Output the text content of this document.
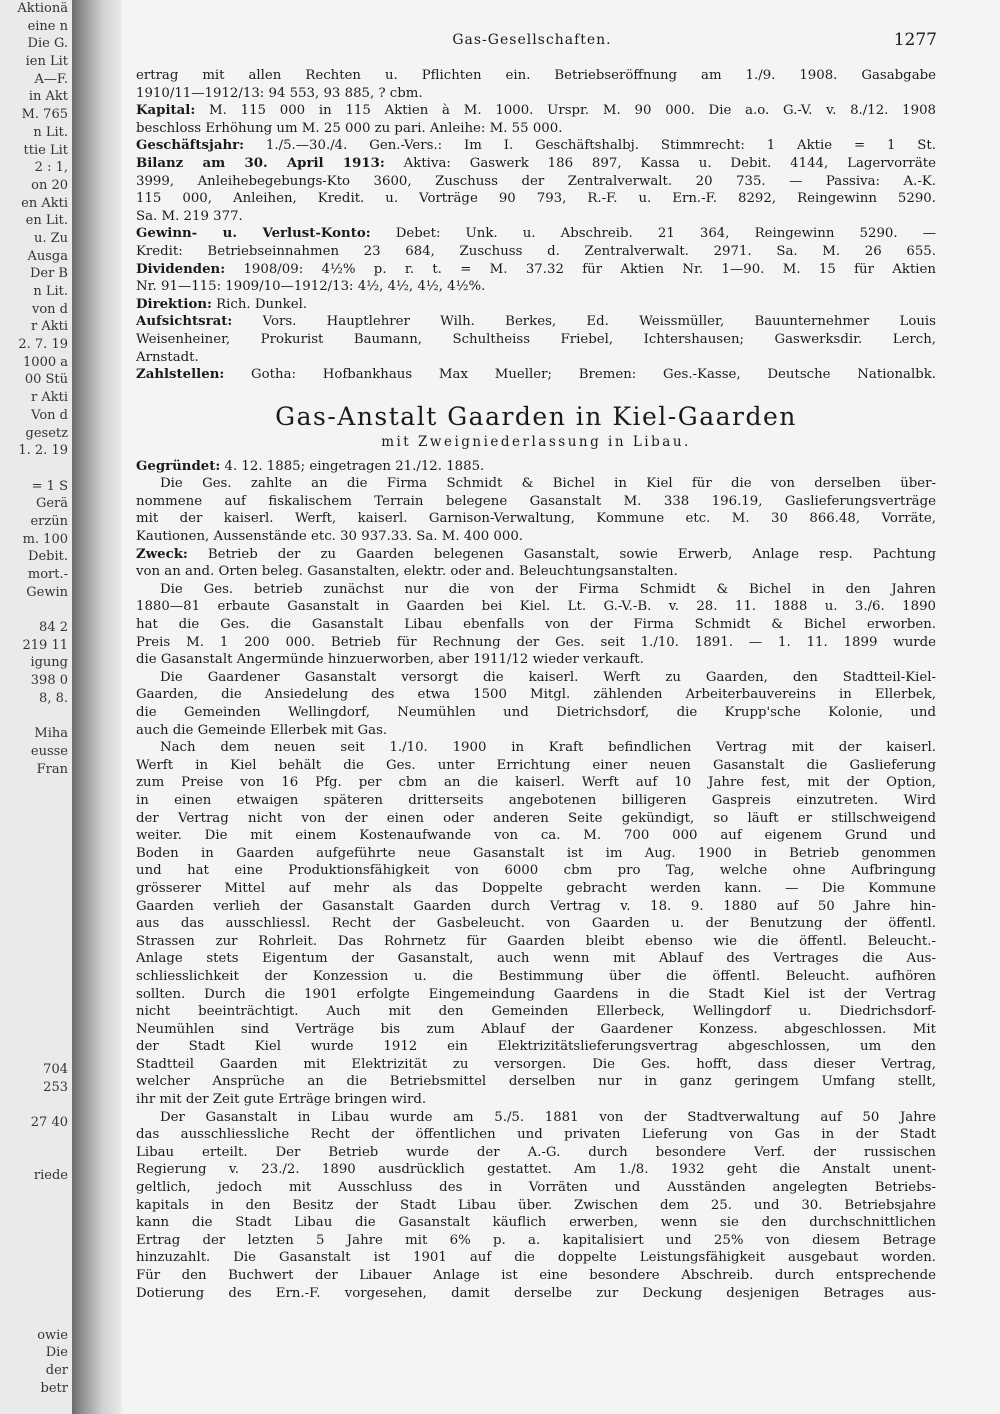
Aktionä
eine n
Die G.
ien Lit
A—F.
in Akt
M. 765
n Lit.
ttie Lit
2 : 1,
on 20
en Akti
en Lit.
u. Zu
Ausga
Der B
n Lit.
von d
r Akti
2. 7. 19
1000 a
00 Stü
r Akti
Von d
gesetz
1. 2. 19
= 1 S
Gerä
erzün
m. 100
Debit.
mort.-
Gewin
84 2
219 11
igung
398 0
8, 8.
Miha
eusse
Fran
704
253
27 40
riede
owie
Die
der
betr
Gas-Gesellschaften.	1277
ertrag mit allen Rechten u. Pflichten ein. Betriebseröffnung am 1./9. 1908. Gasabgabe
1910/11—1912/13: 94 553, 93 885, ? cbm.
Kapital: M. 115 000 in 115 Aktien à M. 1000. Urspr. M. 90 000. Die a.o. G.-V. v. 8./12. 1908
beschloss Erhöhung um M. 25 000 zu pari. Anleihe: M. 55 000.
Geschäftsjahr: 1./5.—30./4. Gen.-Vers.: Im I. Geschäftshalbj. Stimmrecht: 1 Aktie = 1 St.
Bilanz am 30. April 1913: Aktiva: Gaswerk 186 897, Kassa u. Debit. 4144, Lagervorräte
3999, Anleihebegebungs-Kto 3600, Zuschuss der Zentralverwalt. 20 735. — Passiva: A.-K.
115 000, Anleihen, Kredit. u. Vorträge 90 793, R.-F. u. Ern.-F. 8292, Reingewinn 5290.
Sa. M. 219 377.
Gewinn- u. Verlust-Konto: Debet: Unk. u. Abschreib. 21 364, Reingewinn 5290. —
Kredit: Betriebseinnahmen 23 684, Zuschuss d. Zentralverwalt. 2971. Sa. M. 26 655.
Dividenden: 1908/09: 4½% p. r. t. = M. 37.32 für Aktien Nr. 1—90. M. 15 für Aktien
Nr. 91—115: 1909/10—1912/13: 4½, 4½, 4½, 4½%.
Direktion: Rich. Dunkel.
Aufsichtsrat: Vors. Hauptlehrer Wilh. Berkes, Ed. Weissmüller, Bauunternehmer Louis
Weisenheiner, Prokurist Baumann, Schultheiss Friebel, Ichtershausen; Gaswerksdir. Lerch,
Arnstadt.
Zahlstellen: Gotha: Hofbankhaus Max Mueller; Bremen: Ges.-Kasse, Deutsche Nationalbk.
Gas-Anstalt Gaarden in Kiel-Gaarden
mit Zweigniederlassung in Libau.
Gegründet: 4. 12. 1885; eingetragen 21./12. 1885.
Die Ges. zahlte an die Firma Schmidt & Bichel in Kiel für die von derselben über-
nommene auf fiskalischem Terrain belegene Gasanstalt M. 338 196.19, Gaslieferungsverträge
mit der kaiserl. Werft, kaiserl. Garnison-Verwaltung, Kommune etc. M. 30 866.48, Vorräte,
Kautionen, Aussenstände etc. 30 937.33. Sa. M. 400 000.
Zweck: Betrieb der zu Gaarden belegenen Gasanstalt, sowie Erwerb, Anlage resp. Pachtung
von an and. Orten beleg. Gasanstalten, elektr. oder and. Beleuchtungsanstalten.
Die Ges. betrieb zunächst nur die von der Firma Schmidt & Bichel in den Jahren
1880—81 erbaute Gasanstalt in Gaarden bei Kiel. Lt. G.-V.-B. v. 28. 11. 1888 u. 3./6. 1890
hat die Ges. die Gasanstalt Libau ebenfalls von der Firma Schmidt & Bichel erworben.
Preis M. 1 200 000. Betrieb für Rechnung der Ges. seit 1./10. 1891. — 1. 11. 1899 wurde
die Gasanstalt Angermünde hinzuerworben, aber 1911/12 wieder verkauft.
Die Gaardener Gasanstalt versorgt die kaiserl. Werft zu Gaarden, den Stadtteil-Kiel-
Gaarden, die Ansiedelung des etwa 1500 Mitgl. zählenden Arbeiterbauvereins in Ellerbek,
die Gemeinden Wellingdorf, Neumühlen und Dietrichsdorf, die Krupp'sche Kolonie, und
auch die Gemeinde Ellerbek mit Gas.
Nach dem neuen seit 1./10. 1900 in Kraft befindlichen Vertrag mit der kaiserl.
Werft in Kiel behält die Ges. unter Errichtung einer neuen Gasanstalt die Gaslieferung
zum Preise von 16 Pfg. per cbm an die kaiserl. Werft auf 10 Jahre fest, mit der Option,
in einen etwaigen späteren dritterseits angebotenen billigeren Gaspreis einzutreten. Wird
der Vertrag nicht von der einen oder anderen Seite gekündigt, so läuft er stillschweigend
weiter. Die mit einem Kostenaufwande von ca. M. 700 000 auf eigenem Grund und
Boden in Gaarden aufgeführte neue Gasanstalt ist im Aug. 1900 in Betrieb genommen
und hat eine Produktionsfähigkeit von 6000 cbm pro Tag, welche ohne Aufbringung
grösserer Mittel auf mehr als das Doppelte gebracht werden kann. — Die Kommune
Gaarden verlieh der Gasanstalt Gaarden durch Vertrag v. 18. 9. 1880 auf 50 Jahre hin-
aus das ausschliessl. Recht der Gasbeleucht. von Gaarden u. der Benutzung der öffentl.
Strassen zur Rohrleit. Das Rohrnetz für Gaarden bleibt ebenso wie die öffentl. Beleucht.-
Anlage stets Eigentum der Gasanstalt, auch wenn mit Ablauf des Vertrages die Aus-
schliesslichkeit der Konzession u. die Bestimmung über die öffentl. Beleucht. aufhören
sollten. Durch die 1901 erfolgte Eingemeindung Gaardens in die Stadt Kiel ist der Vertrag
nicht beeinträchtigt. Auch mit den Gemeinden Ellerbeck, Wellingdorf u. Diedrichsdorf-
Neumühlen sind Verträge bis zum Ablauf der Gaardener Konzess. abgeschlossen. Mit
der Stadt Kiel wurde 1912 ein Elektrizitätslieferungsvertrag abgeschlossen, um den
Stadtteil Gaarden mit Elektrizität zu versorgen. Die Ges. hofft, dass dieser Vertrag,
welcher Ansprüche an die Betriebsmittel derselben nur in ganz geringem Umfang stellt,
ihr mit der Zeit gute Erträge bringen wird.
Der Gasanstalt in Libau wurde am 5./5. 1881 von der Stadtverwaltung auf 50 Jahre
das ausschliessliche Recht der öffentlichen und privaten Lieferung von Gas in der Stadt
Libau erteilt. Der Betrieb wurde der A.-G. durch besondere Verf. der russischen
Regierung v. 23./2. 1890 ausdrücklich gestattet. Am 1./8. 1932 geht die Anstalt unent-
geltlich, jedoch mit Ausschluss des in Vorräten und Ausständen angelegten Betriebs-
kapitals in den Besitz der Stadt Libau über. Zwischen dem 25. und 30. Betriebsjahre
kann die Stadt Libau die Gasanstalt käuflich erwerben, wenn sie den durchschnittlichen
Ertrag der letzten 5 Jahre mit 6% p. a. kapitalisiert und 25% von diesem Betrage
hinzuzahlt. Die Gasanstalt ist 1901 auf die doppelte Leistungsfähigkeit ausgebaut worden.
Für den Buchwert der Libauer Anlage ist eine besondere Abschreib. durch entsprechende
Dotierung des Ern.-F. vorgesehen, damit derselbe zur Deckung desjenigen Betrages aus-
